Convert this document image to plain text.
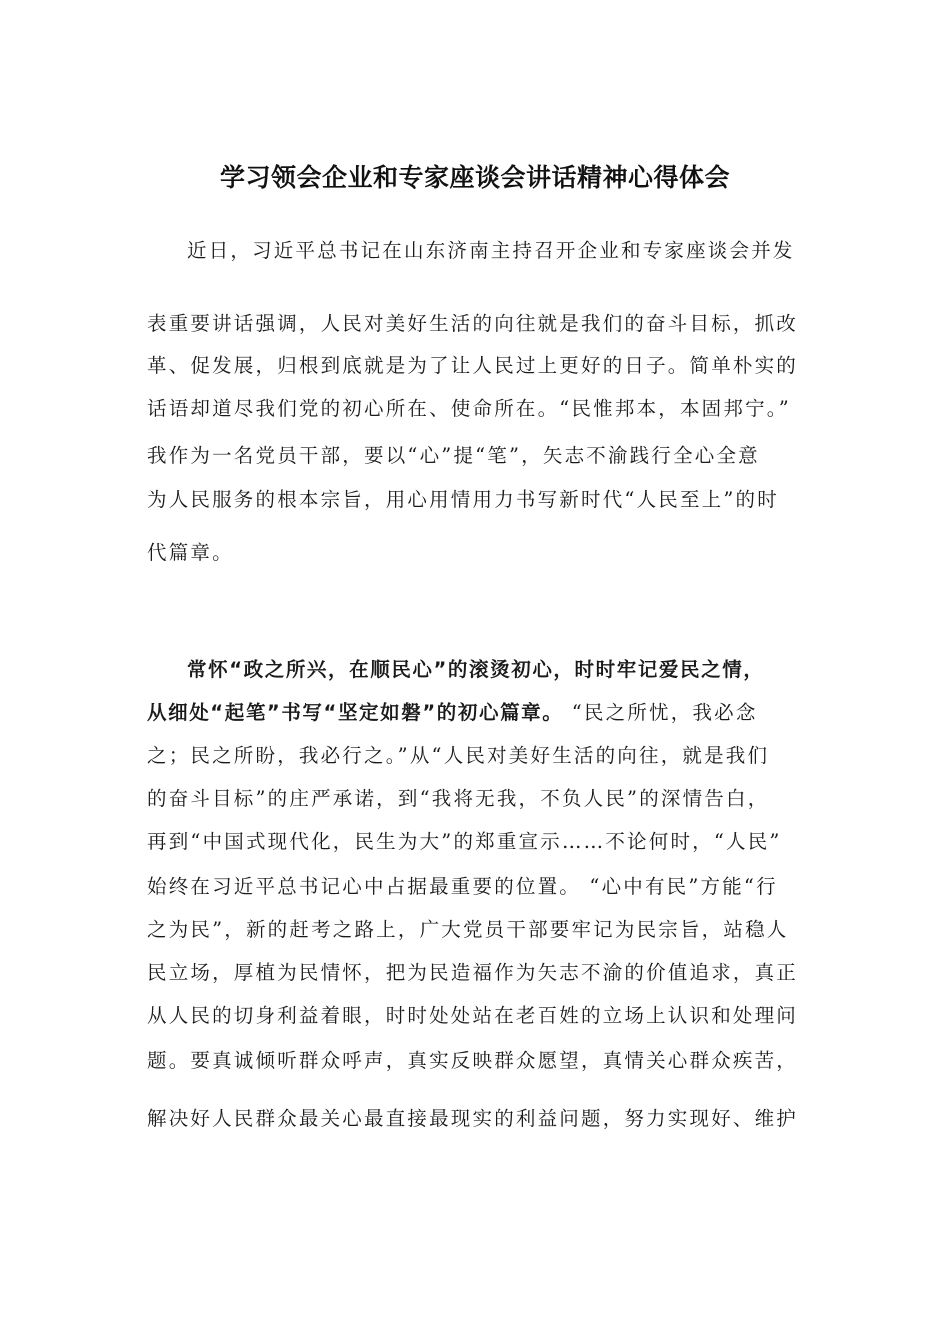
学习领会企业和专家座谈会讲话精神心得体会
近日，习近平总书记在山东济南主持召开企业和专家座谈会并发
表重要讲话强调，人民对美好生活的向往就是我们的奋斗目标，抓改
革、促发展，归根到底就是为了让人民过上更好的日子。简单朴实的
话语却道尽我们党的初心所在、使命所在。“民惟邦本，本固邦宁。”
我作为一名党员干部，要以“心”提“笔”，矢志不渝践行全心全意
为人民服务的根本宗旨，用心用情用力书写新时代“人民至上”的时
代篇章。
常怀“政之所兴，在顺民心”的滚烫初心，时时牢记爱民之情，
从细处“起笔”书写“坚定如磐”的初心篇章。 “民之所忧，我必念
之；民之所盼，我必行之。”从“人民对美好生活的向往，就是我们
的奋斗目标”的庄严承诺，到“我将无我，不负人民”的深情告白，
再到“中国式现代化，民生为大”的郑重宣示……不论何时，“人民”
始终在习近平总书记心中占据最重要的位置。 “心中有民”方能“行
之为民”，新的赶考之路上，广大党员干部要牢记为民宗旨，站稳人
民立场，厚植为民情怀，把为民造福作为矢志不渝的价值追求，真正
从人民的切身利益着眼，时时处处站在老百姓的立场上认识和处理问
题。要真诚倾听群众呼声，真实反映群众愿望，真情关心群众疾苦，
解决好人民群众最关心最直接最现实的利益问题，努力实现好、维护
